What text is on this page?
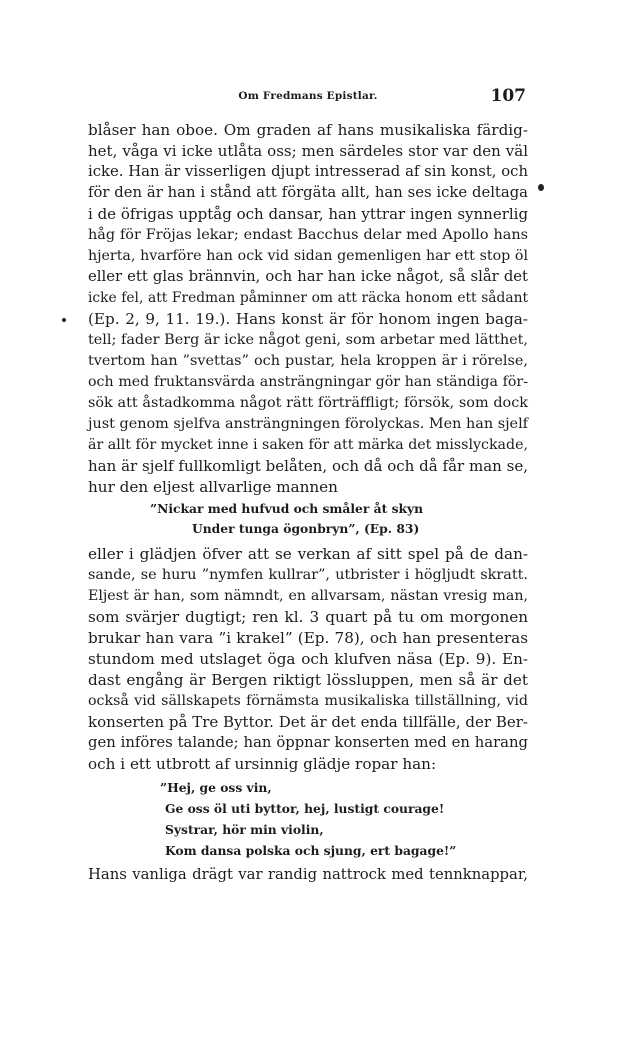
Om Fredmans Epistlar.	107
blåser han oboe. Om graden af hans musikaliska färdig-
het, våga vi icke utlåta oss; men särdeles stor var den väl
icke. Han är visserligen djupt intresserad af sin konst, och
för den är han i stånd att förgäta allt, han ses icke deltaga
i de öfrigas upptåg och dansar, han yttrar ingen synnerlig
håg för Fröjas lekar; endast Bacchus delar med Apollo hans
hjerta, hvarföre han ock vid sidan gemenligen har ett stop öl
eller ett glas brännvin, och har han icke något, så slår det
icke fel, att Fredman påminner om att räcka honom ett sådant
(Ep. 2, 9, 11. 19.). Hans konst är för honom ingen baga-
tell; fader Berg är icke något geni, som arbetar med lätthet,
tvertom han ”svettas” och pustar, hela kroppen är i rörelse,
och med fruktansvärda ansträngningar gör han ständiga för-
sök att åstadkomma något rätt förträffligt; försök, som dock
just genom sjelfva ansträngningen förolyckas. Men han sjelf
är allt för mycket inne i saken för att märka det misslyckade,
han är sjelf fullkomligt belåten, och då och då får man se,
hur den eljest allvarlige mannen
”Nickar med hufvud och småler åt skyn
Under tunga ögonbryn”, (Ep. 83)
eller i glädjen öfver att se verkan af sitt spel på de dan-
sande, se huru ”nymfen kullrar”, utbrister i högljudt skratt.
Eljest är han, som nämndt, en allvarsam, nästan vresig man,
som svärjer dugtigt; ren kl. 3 quart på tu om morgonen
brukar han vara ”i krakel” (Ep. 78), och han presenteras
stundom med utslaget öga och klufven näsa (Ep. 9). En-
dast engång är Bergen riktigt lössluppen, men så är det
också vid sällskapets förnämsta musikaliska tillställning, vid
konserten på Tre Byttor. Det är det enda tillfälle, der Ber-
gen införes talande; han öppnar konserten med en harang
och i ett utbrott af ursinnig glädje ropar han:
”Hej, ge oss vin,
Ge oss öl uti byttor, hej, lustigt courage!
Systrar, hör min violin,
Kom dansa polska och sjung, ert bagage!”
Hans vanliga drägt var randig nattrock med tennknappar,
